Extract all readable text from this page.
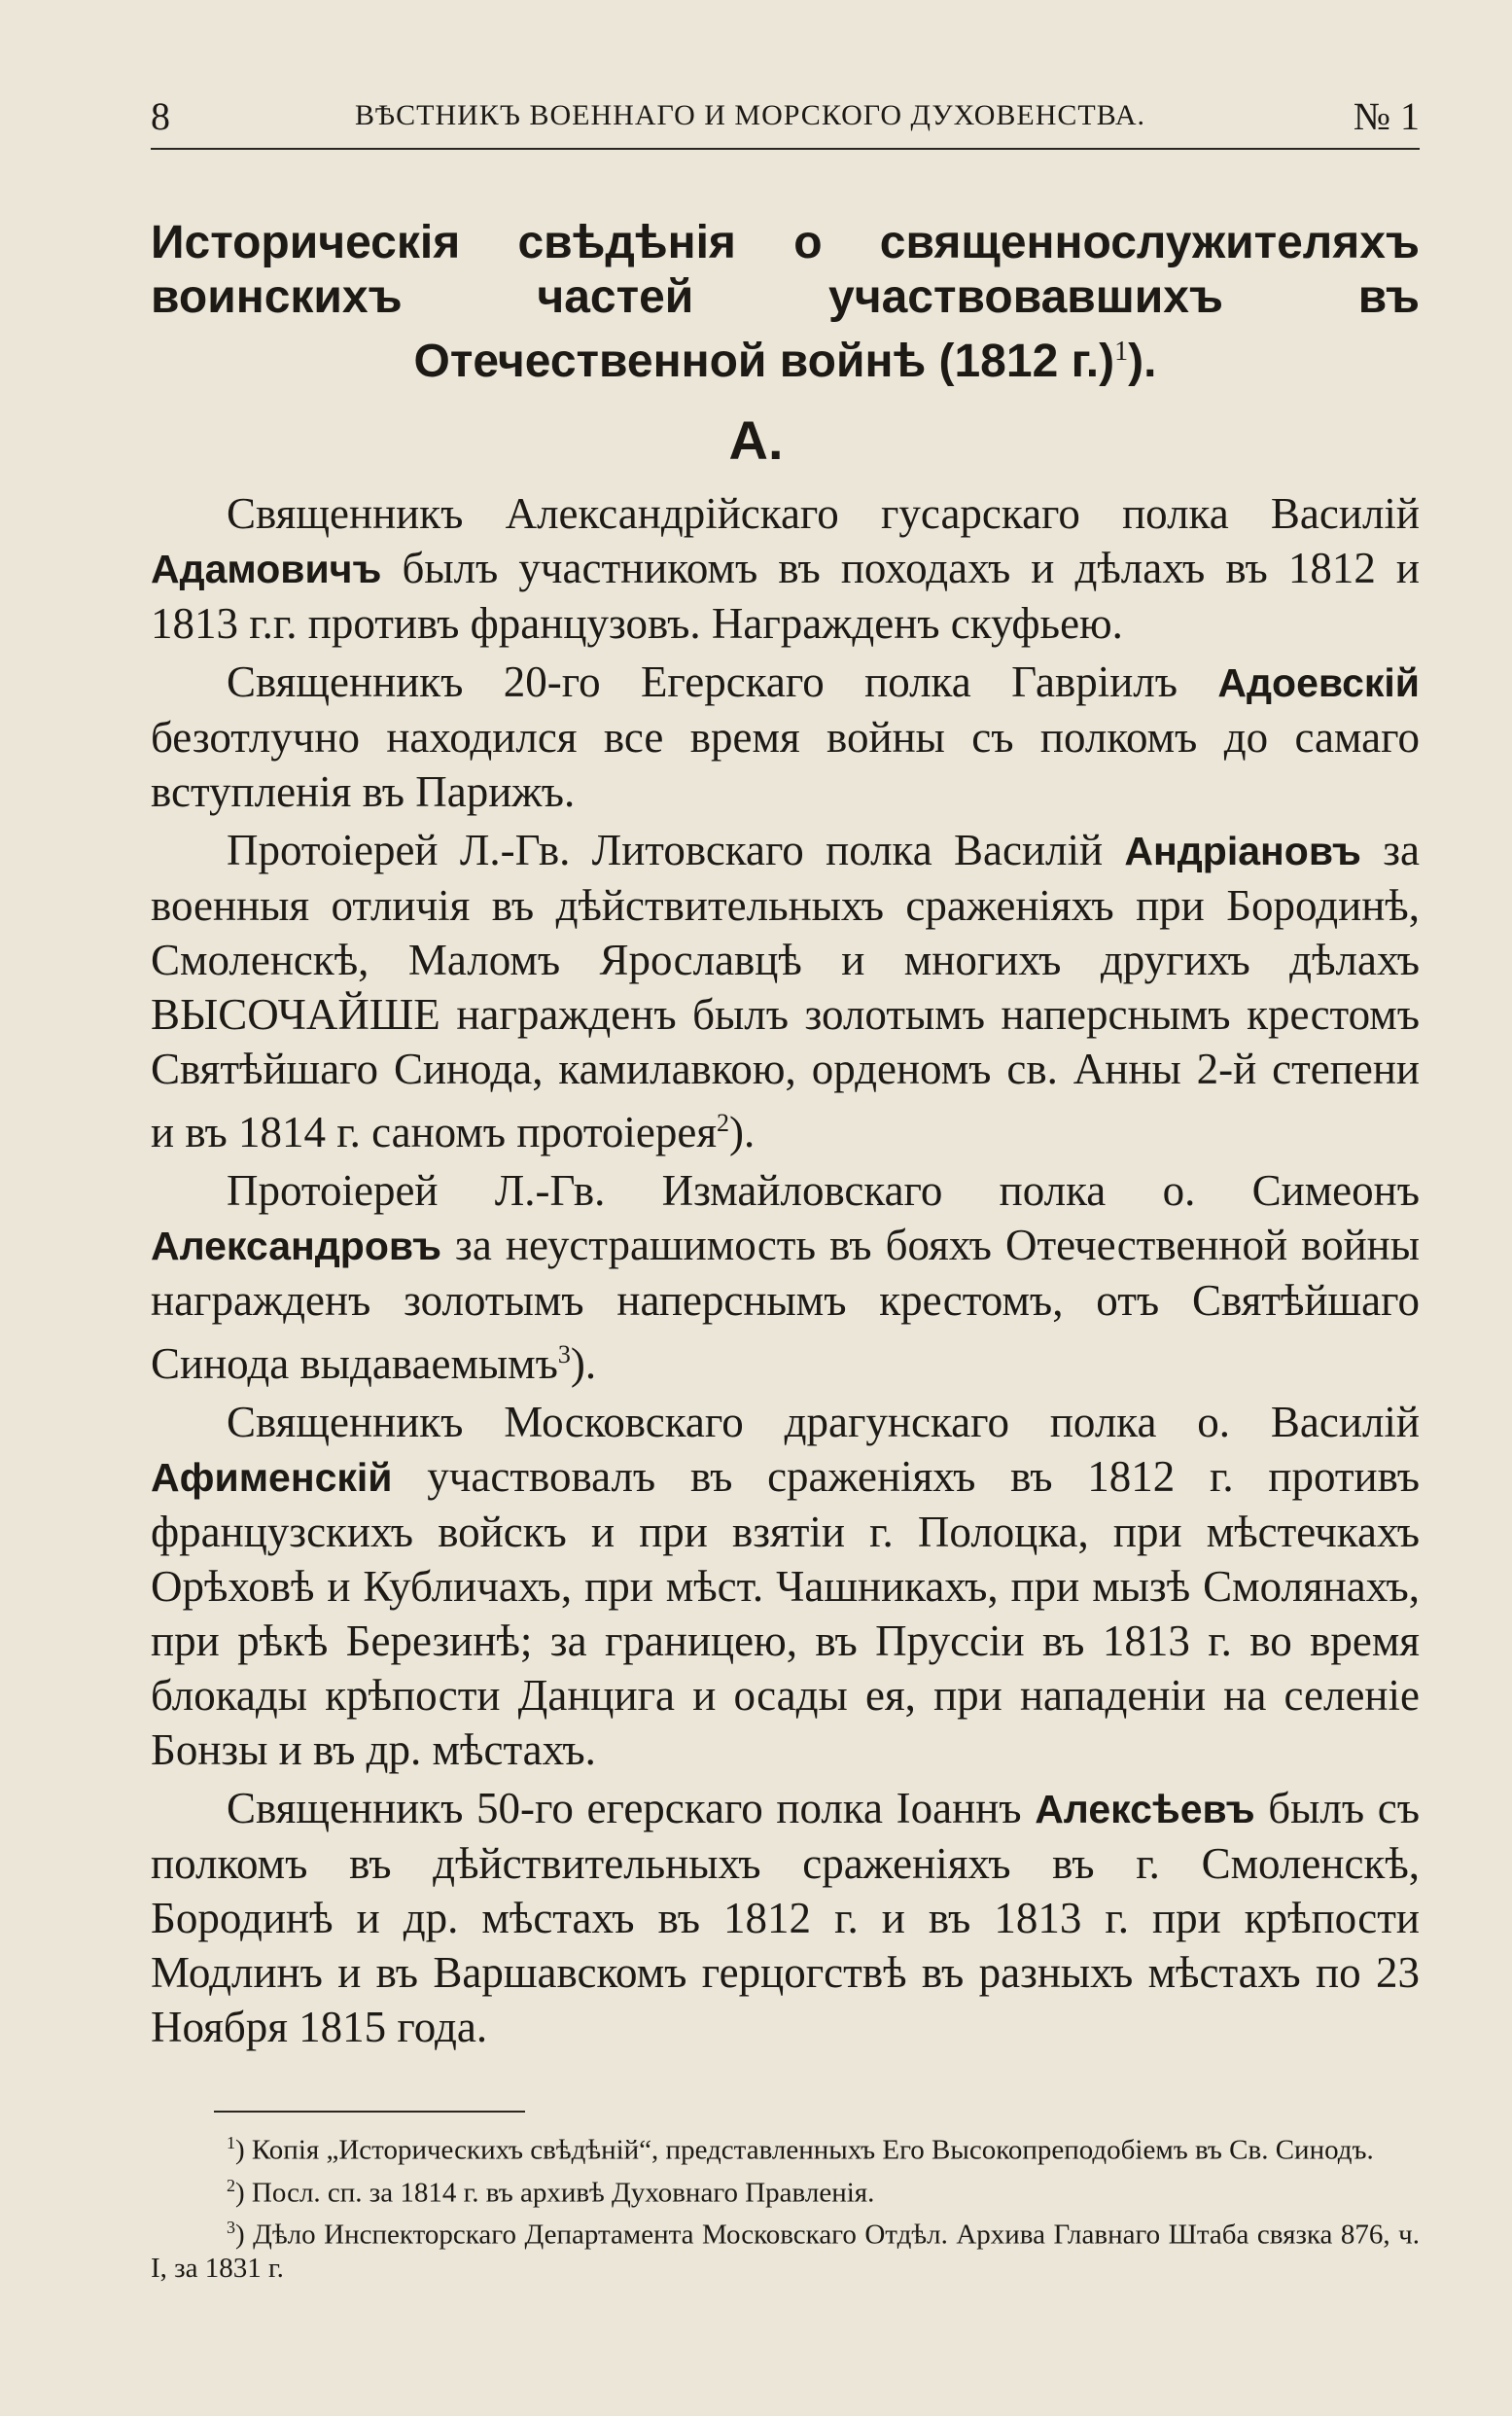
8	ВѢСТНИКЪ ВОЕННАГО И МОРСКОГО ДУХОВЕНСТВА.	№ 1
Историческія свѣдѣнія о священнослужителяхъ воинскихъ частей участвовавшихъ въ Отечественной войнѣ (1812 г.)$^1$).
А.

Священникъ Александрійскаго гусарскаго полка Василій Адамовичъ былъ участникомъ въ походахъ и дѣлахъ въ 1812 и 1813 г.г. противъ французовъ. Награжденъ скуфьею.

Священникъ 20-го Егерскаго полка Гавріилъ Адоевскій безотлучно находился все время войны съ полкомъ до самаго вступленія въ Парижъ.

Протоіерей Л.-Гв. Литовскаго полка Василій Андріановъ за военныя отличія въ дѣйствительныхъ сраженіяхъ при Бородинѣ, Смоленскѣ, Маломъ Ярославцѣ и многихъ другихъ дѣлахъ ВЫСОЧАЙШЕ награжденъ былъ золотымъ наперснымъ крестомъ Святѣйшаго Синода, камилавкою, орденомъ св. Анны 2-й степени и въ 1814 г. саномъ протоіерея$^2$).

Протоіерей Л.-Гв. Измайловскаго полка о. Симеонъ Александровъ за неустрашимость въ бояхъ Отечественной войны награжденъ золотымъ наперснымъ крестомъ, отъ Святѣйшаго Синода выдаваемымъ$^3$).

Священникъ Московскаго драгунскаго полка о. Василій Афименскій участвовалъ въ сраженіяхъ въ 1812 г. противъ французскихъ войскъ и при взятіи г. Полоцка, при мѣстечкахъ Орѣховѣ и Кубличахъ, при мѣст. Чашникахъ, при мызѣ Смолянахъ, при рѣкѣ Березинѣ; за границею, въ Пруссіи въ 1813 г. во время блокады крѣпости Данцига и осады ея, при нападеніи на селеніе Бонзы и въ др. мѣстахъ.

Священникъ 50-го егерскаго полка Іоаннъ Алексѣевъ былъ съ полкомъ въ дѣйствительныхъ сраженіяхъ въ г. Смоленскѣ, Бородинѣ и др. мѣстахъ въ 1812 г. и въ 1813 г. при крѣпости Модлинъ и въ Варшавскомъ герцогствѣ въ разныхъ мѣстахъ по 23 Ноября 1815 года.

$^1$) Копія „Историческихъ свѣдѣній“, представленныхъ Его Высокопреподобіемъ въ Св. Синодъ.

$^2$) Посл. сп. за 1814 г. въ архивѣ Духовнаго Правленія.

$^3$) Дѣло Инспекторскаго Департамента Московскаго Отдѣл. Архива Главнаго Штаба связка 876, ч. I, за 1831 г.
